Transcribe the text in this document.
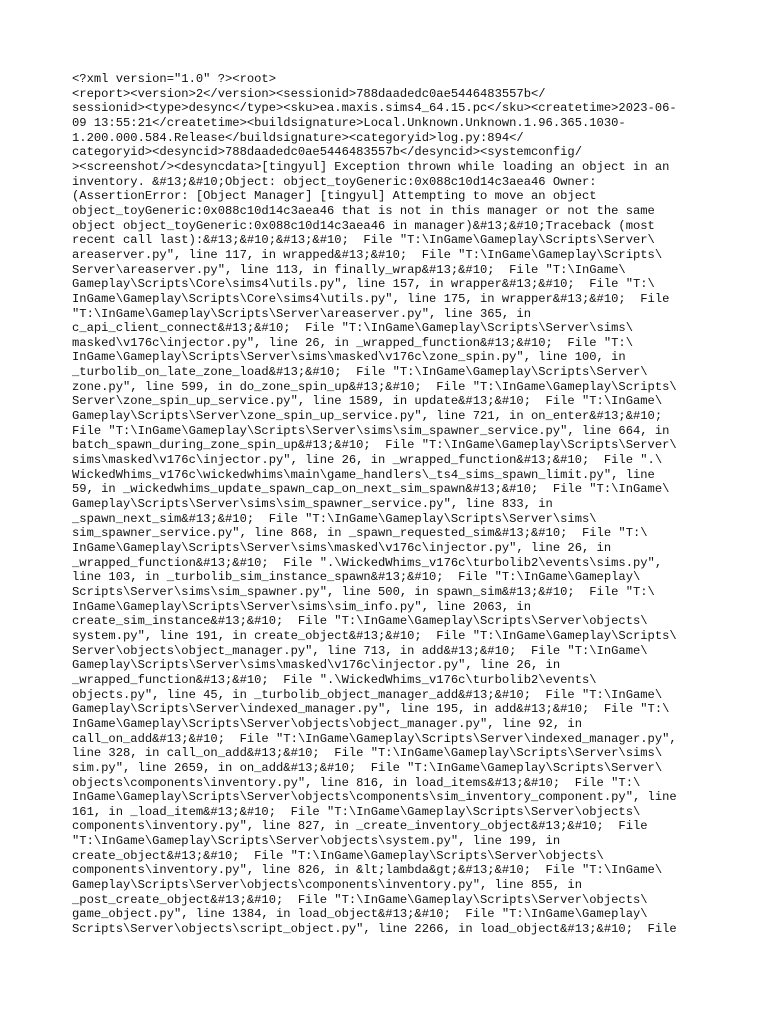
<?xml version="1.0" ?><root>
<report><version>2</version><sessionid>788daadedc0ae5446483557b</
sessionid><type>desync</type><sku>ea.maxis.sims4_64.15.pc</sku><createtime>2023-06-
09 13:55:21</createtime><buildsignature>Local.Unknown.Unknown.1.96.365.1030-
1.200.000.584.Release</buildsignature><categoryid>log.py:894</
categoryid><desyncid>788daadedc0ae5446483557b</desyncid><systemconfig/
><screenshot/><desyncdata>[tingyul] Exception thrown while loading an object in an
inventory. &#13;&#10;Object: object_toyGeneric:0x088c10d14c3aea46 Owner:
(AssertionError: [Object Manager] [tingyul] Attempting to move an object
object_toyGeneric:0x088c10d14c3aea46 that is not in this manager or not the same
object object_toyGeneric:0x088c10d14c3aea46 in manager)&#13;&#10;Traceback (most
recent call last):&#13;&#10;&#13;&#10;  File "T:\InGame\Gameplay\Scripts\Server\
areaserver.py", line 117, in wrapped&#13;&#10;  File "T:\InGame\Gameplay\Scripts\
Server\areaserver.py", line 113, in finally_wrap&#13;&#10;  File "T:\InGame\
Gameplay\Scripts\Core\sims4\utils.py", line 157, in wrapper&#13;&#10;  File "T:\
InGame\Gameplay\Scripts\Core\sims4\utils.py", line 175, in wrapper&#13;&#10;  File
"T:\InGame\Gameplay\Scripts\Server\areaserver.py", line 365, in
c_api_client_connect&#13;&#10;  File "T:\InGame\Gameplay\Scripts\Server\sims\
masked\v176c\injector.py", line 26, in _wrapped_function&#13;&#10;  File "T:\
InGame\Gameplay\Scripts\Server\sims\masked\v176c\zone_spin.py", line 100, in
_turbolib_on_late_zone_load&#13;&#10;  File "T:\InGame\Gameplay\Scripts\Server\
zone.py", line 599, in do_zone_spin_up&#13;&#10;  File "T:\InGame\Gameplay\Scripts\
Server\zone_spin_up_service.py", line 1589, in update&#13;&#10;  File "T:\InGame\
Gameplay\Scripts\Server\zone_spin_up_service.py", line 721, in on_enter&#13;&#10;
File "T:\InGame\Gameplay\Scripts\Server\sims\sim_spawner_service.py", line 664, in
batch_spawn_during_zone_spin_up&#13;&#10;  File "T:\InGame\Gameplay\Scripts\Server\
sims\masked\v176c\injector.py", line 26, in _wrapped_function&#13;&#10;  File ".\
WickedWhims_v176c\wickedwhims\main\game_handlers\_ts4_sims_spawn_limit.py", line
59, in _wickedwhims_update_spawn_cap_on_next_sim_spawn&#13;&#10;  File "T:\InGame\
Gameplay\Scripts\Server\sims\sim_spawner_service.py", line 833, in
_spawn_next_sim&#13;&#10;  File "T:\InGame\Gameplay\Scripts\Server\sims\
sim_spawner_service.py", line 868, in _spawn_requested_sim&#13;&#10;  File "T:\
InGame\Gameplay\Scripts\Server\sims\masked\v176c\injector.py", line 26, in
_wrapped_function&#13;&#10;  File ".\WickedWhims_v176c\turbolib2\events\sims.py",
line 103, in _turbolib_sim_instance_spawn&#13;&#10;  File "T:\InGame\Gameplay\
Scripts\Server\sims\sim_spawner.py", line 500, in spawn_sim&#13;&#10;  File "T:\
InGame\Gameplay\Scripts\Server\sims\sim_info.py", line 2063, in
create_sim_instance&#13;&#10;  File "T:\InGame\Gameplay\Scripts\Server\objects\
system.py", line 191, in create_object&#13;&#10;  File "T:\InGame\Gameplay\Scripts\
Server\objects\object_manager.py", line 713, in add&#13;&#10;  File "T:\InGame\
Gameplay\Scripts\Server\sims\masked\v176c\injector.py", line 26, in
_wrapped_function&#13;&#10;  File ".\WickedWhims_v176c\turbolib2\events\
objects.py", line 45, in _turbolib_object_manager_add&#13;&#10;  File "T:\InGame\
Gameplay\Scripts\Server\indexed_manager.py", line 195, in add&#13;&#10;  File "T:\
InGame\Gameplay\Scripts\Server\objects\object_manager.py", line 92, in
call_on_add&#13;&#10;  File "T:\InGame\Gameplay\Scripts\Server\indexed_manager.py",
line 328, in call_on_add&#13;&#10;  File "T:\InGame\Gameplay\Scripts\Server\sims\
sim.py", line 2659, in on_add&#13;&#10;  File "T:\InGame\Gameplay\Scripts\Server\
objects\components\inventory.py", line 816, in load_items&#13;&#10;  File "T:\
InGame\Gameplay\Scripts\Server\objects\components\sim_inventory_component.py", line
161, in _load_item&#13;&#10;  File "T:\InGame\Gameplay\Scripts\Server\objects\
components\inventory.py", line 827, in _create_inventory_object&#13;&#10;  File
"T:\InGame\Gameplay\Scripts\Server\objects\system.py", line 199, in
create_object&#13;&#10;  File "T:\InGame\Gameplay\Scripts\Server\objects\
components\inventory.py", line 826, in &lt;lambda&gt;&#13;&#10;  File "T:\InGame\
Gameplay\Scripts\Server\objects\components\inventory.py", line 855, in
_post_create_object&#13;&#10;  File "T:\InGame\Gameplay\Scripts\Server\objects\
game_object.py", line 1384, in load_object&#13;&#10;  File "T:\InGame\Gameplay\
Scripts\Server\objects\script_object.py", line 2266, in load_object&#13;&#10;  File
